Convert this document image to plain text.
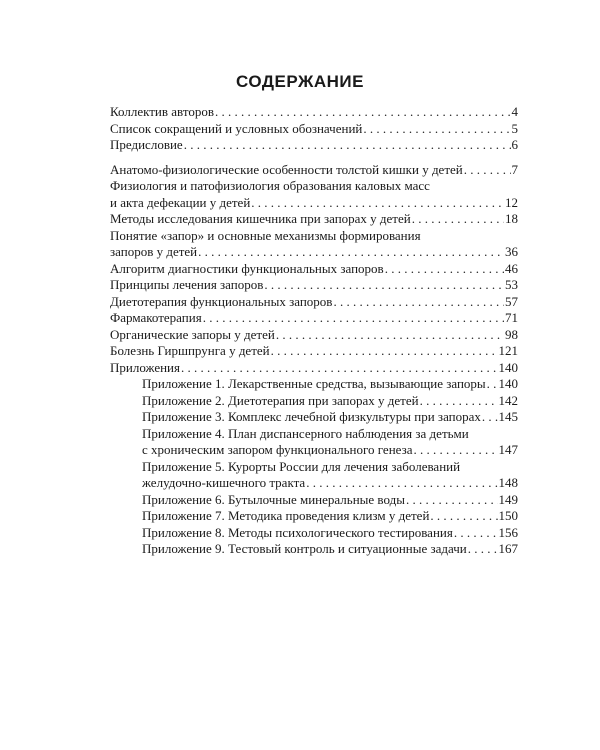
СОДЕРЖАНИЕ
Коллектив авторов . . .	4
Список сокращений и условных обозначений . . .	5
Предисловие . . .	6
Анатомо-физиологические особенности толстой кишки у детей . . .	7
Физиология и патофизиология образования каловых масс
и акта дефекации у детей . . .	12
Методы исследования кишечника при запорах у детей . . .	18
Понятие «запор» и основные механизмы формирования
запоров у детей . . .	36
Алгоритм диагностики функциональных запоров . . .	46
Принципы лечения запоров . . .	53
Диетотерапия функциональных запоров . . .	57
Фармакотерапия . . .	71
Органические запоры у детей . . .	98
Болезнь Гиршпрунга у детей . . .	121
Приложения . . .	140
Приложение 1. Лекарственные средства, вызывающие запоры . . . 140
Приложение 2. Диетотерапия при запорах у детей . . .	142
Приложение 3. Комплекс лечебной физкультуры при запорах . . . 145
Приложение 4. План диспансерного наблюдения за детьми
с хроническим запором функционального генеза . . .	147
Приложение 5. Курорты России для лечения заболеваний
желудочно-кишечного тракта . . .	148
Приложение 6. Бутылочные минеральные воды . . .	149
Приложение 7. Методика проведения клизм у детей . . .	150
Приложение 8. Методы психологического тестирования . . .	156
Приложение 9. Тестовый контроль и ситуационные задачи . . . 167
